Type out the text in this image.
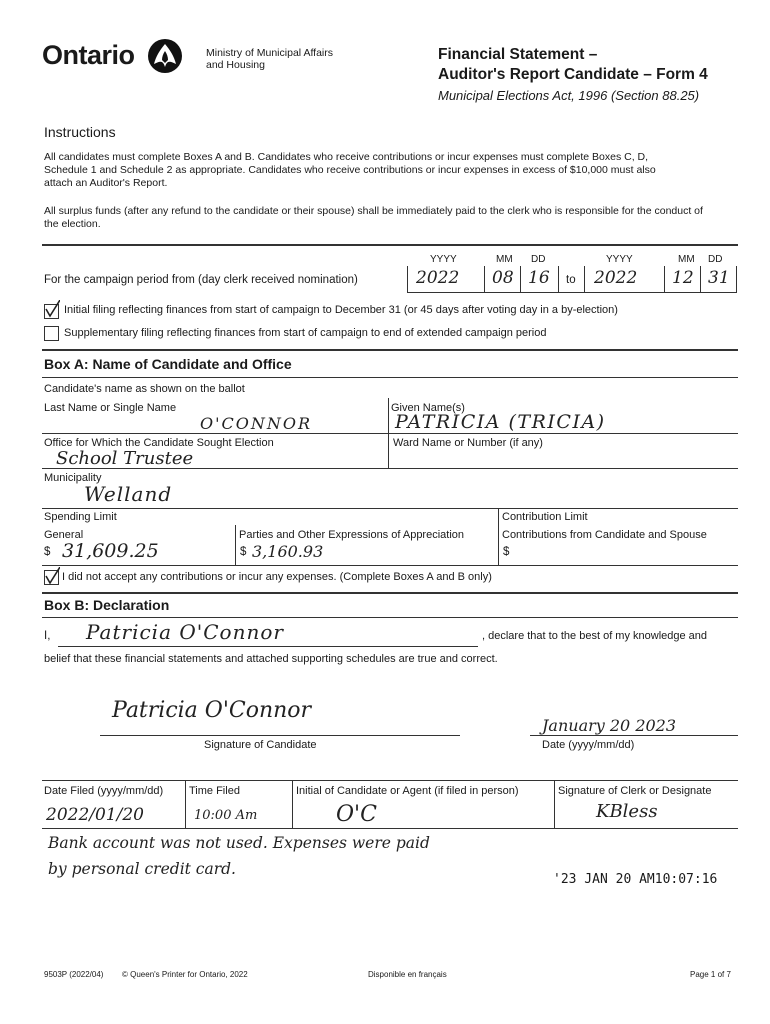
Ontario	Ministry of Municipal Affairs
and Housing
Financial Statement –
Auditor's Report Candidate – Form 4
Municipal Elections Act, 1996 (Section 88.25)
Instructions
All candidates must complete Boxes A and B. Candidates who receive contributions or incur expenses must complete Boxes C, D, Schedule 1 and Schedule 2 as appropriate. Candidates who receive contributions or incur expenses in excess of $10,000 must also attach an Auditor's Report.
All surplus funds (after any refund to the candidate or their spouse) shall be immediately paid to the clerk who is responsible for the conduct of the election.
YYYY	MM DD	YYYY	MM DD
For the campaign period from (day clerk received nomination)	2022 08 16 to 2022 12 31
Initial filing reflecting finances from start of campaign to December 31 (or 45 days after voting day in a by-election)
Supplementary filing reflecting finances from start of campaign to end of extended campaign period
Box A: Name of Candidate and Office
Candidate's name as shown on the ballot
Last Name or Single Name
O'CONNOR
Given Name(s)
PATRICIA (TRICIA)
Office for Which the Candidate Sought Election
School Trustee
Ward Name or Number (if any)
Municipality
Welland
Spending Limit
General
$ 31,609.25
Parties and Other Expressions of Appreciation
$ 3,160.93
Contribution Limit
Contributions from Candidate and Spouse
$
I did not accept any contributions or incur any expenses. (Complete Boxes A and B only)
Box B: Declaration
I, Patricia O'Connor	, declare that to the best of my knowledge and
belief that these financial statements and attached supporting schedules are true and correct.
Patricia O'Connor
Signature of Candidate
January 20 2023
Date (yyyy/mm/dd)
Date Filed (yyyy/mm/dd)
2022/01/20
Time Filed
10:00 Am
Initial of Candidate or Agent (if filed in person)
O'C
Signature of Clerk or Designate
KBless
Bank account was not used. Expenses were paid
by personal credit card.
'23 JAN 20 AM10:07:16
9503P (2022/04) © Queen's Printer for Ontario, 2022	Disponible en français	Page 1 of 7
